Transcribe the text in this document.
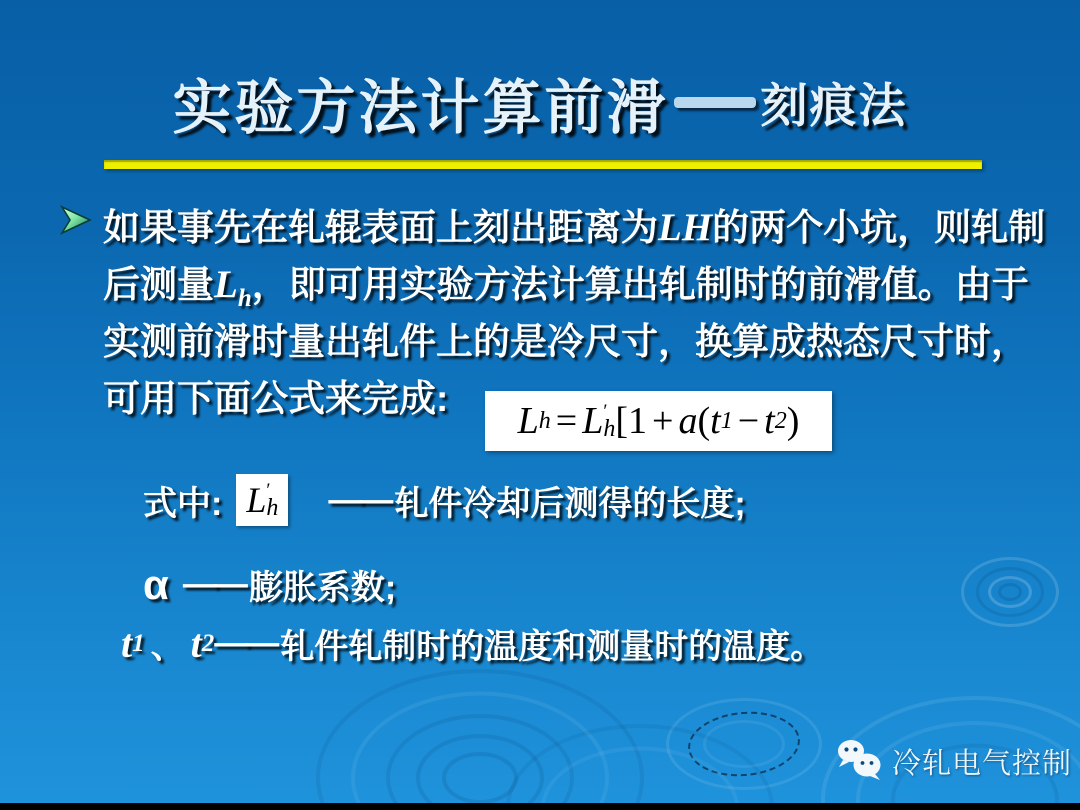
实验方法计算前滑 刻痕法
如果事先在轧辊表面上刻出距离为LH的两个小坑，则轧制
后测量$L_h$，即可用实验方法计算出轧制时的前滑值。由于
实测前滑时量出轧件上的是冷尺寸，换算成热态尺寸时，
可用下面公式来完成:
L h = L ′
h [1 + a ( t 1 − t 2 )
式中: L ′
h —— 轧件冷却后测得的长度;
α —— 膨胀系数;
t 1 、 t 2 —— 轧件轧制时的温度和测量时的温度。
冷轧电气控制
